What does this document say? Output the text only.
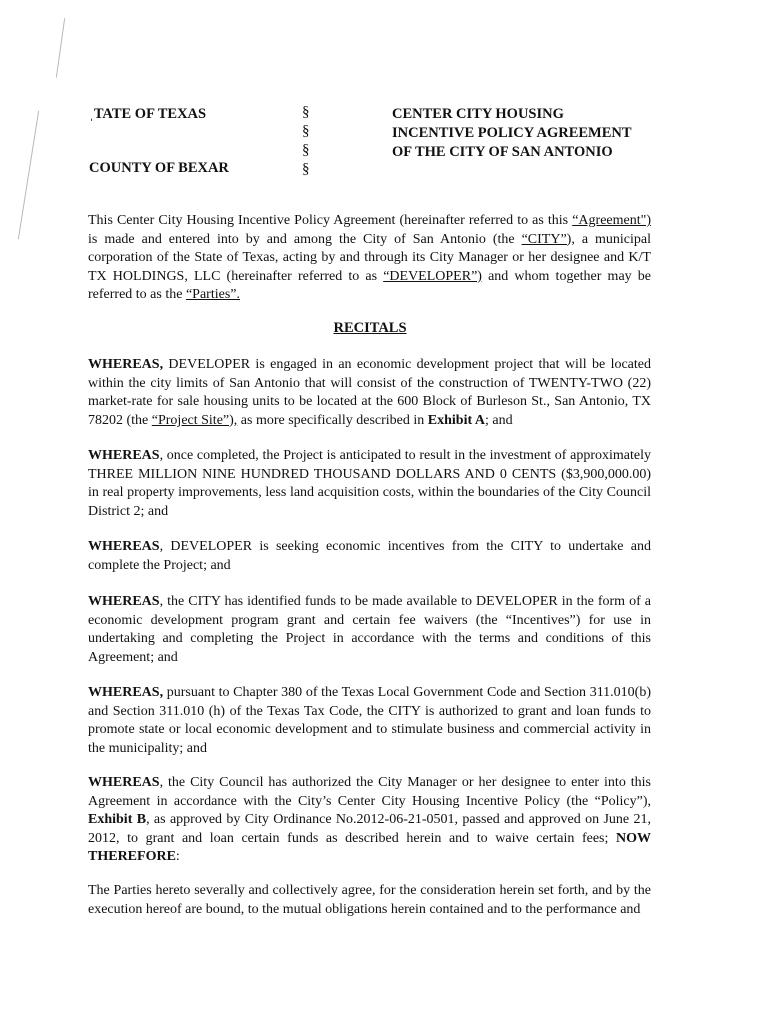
ˌTATE OF TEXAS
COUNTY OF BEXAR
§
§
§
§
CENTER CITY HOUSING
INCENTIVE POLICY AGREEMENT
OF THE CITY OF SAN ANTONIO

This Center City Housing Incentive Policy Agreement (hereinafter referred to as this “Agreement") is made and entered into by and among the City of San Antonio (the “CITY”), a municipal corporation of the State of Texas, acting by and through its City Manager or her designee and K/T TX HOLDINGS, LLC (hereinafter referred to as “DEVELOPER”) and whom together may be referred to as the “Parties”.

RECITALS

WHEREAS, DEVELOPER is engaged in an economic development project that will be located within the city limits of San Antonio that will consist of the construction of TWENTY-TWO (22) market-rate for sale housing units to be located at the 600 Block of Burleson St., San Antonio, TX 78202 (the “Project Site”), as more specifically described in Exhibit A; and

WHEREAS, once completed, the Project is anticipated to result in the investment of approximately THREE MILLION NINE HUNDRED THOUSAND DOLLARS AND 0 CENTS ($3,900,000.00) in real property improvements, less land acquisition costs, within the boundaries of the City Council District 2; and

WHEREAS, DEVELOPER is seeking economic incentives from the CITY to undertake and complete the Project; and

WHEREAS, the CITY has identified funds to be made available to DEVELOPER in the form of a economic development program grant and certain fee waivers (the “Incentives”) for use in undertaking and completing the Project in accordance with the terms and conditions of this Agreement; and

WHEREAS, pursuant to Chapter 380 of the Texas Local Government Code and Section 311.010(b) and Section 311.010 (h) of the Texas Tax Code, the CITY is authorized to grant and loan funds to promote state or local economic development and to stimulate business and commercial activity in the municipality; and

WHEREAS, the City Council has authorized the City Manager or her designee to enter into this Agreement in accordance with the City’s Center City Housing Incentive Policy (the “Policy”), Exhibit B, as approved by City Ordinance No.2012-06-21-0501, passed and approved on June 21, 2012, to grant and loan certain funds as described herein and to waive certain fees; NOW THEREFORE:

The Parties hereto severally and collectively agree, for the consideration herein set forth, and by the execution hereof are bound, to the mutual obligations herein contained and to the performance and
